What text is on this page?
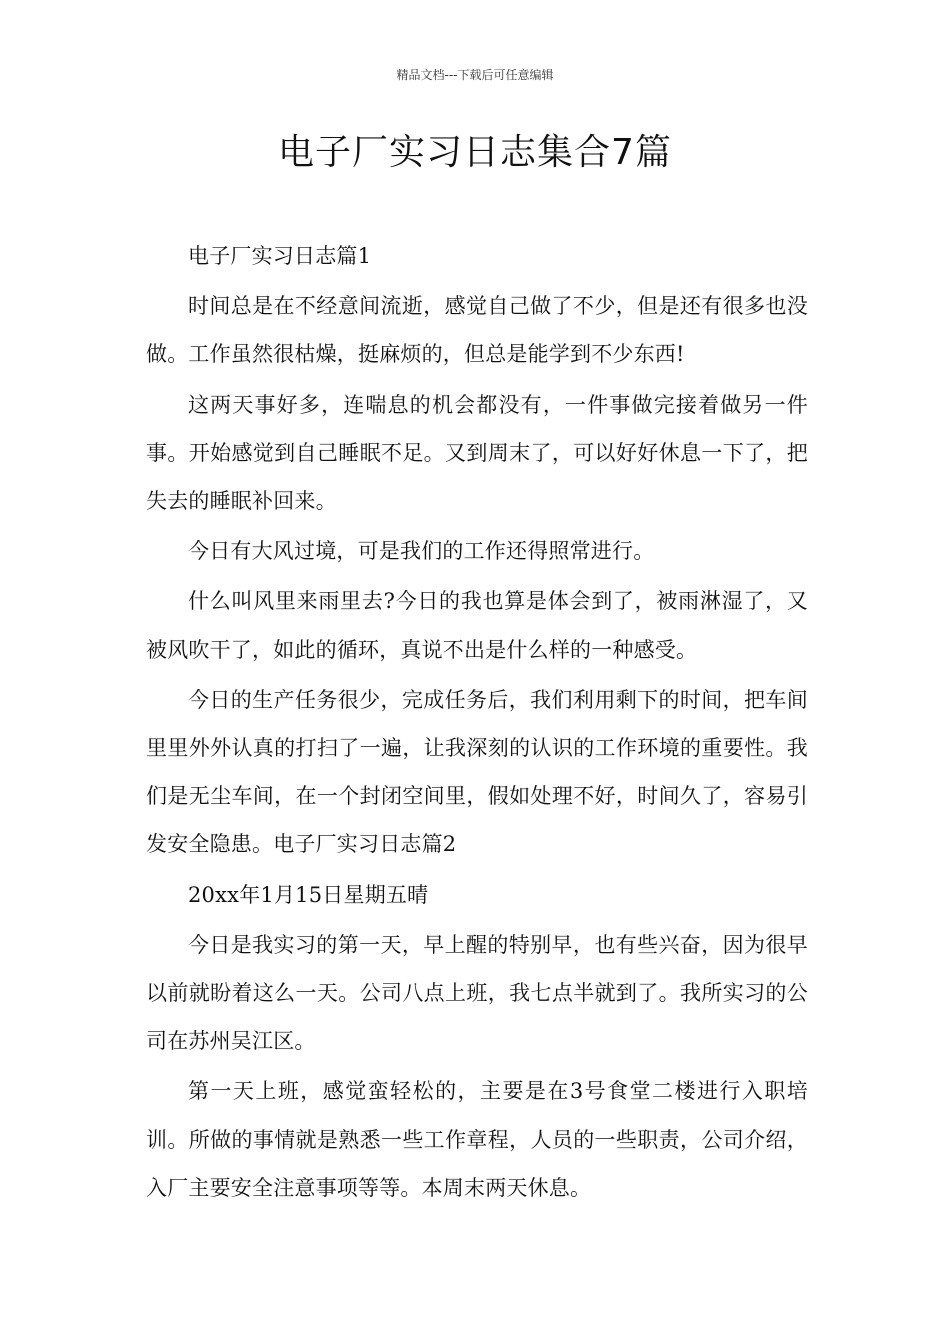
精品文档---下载后可任意编辑
电子厂实习日志集合7篇

电子厂实习日志篇1

时间总是在不经意间流逝，感觉自己做了不少，但是还有很多也没做。工作虽然很枯燥，挺麻烦的，但总是能学到不少东西!

这两天事好多，连喘息的机会都没有，一件事做完接着做另一件事。开始感觉到自己睡眠不足。又到周末了，可以好好休息一下了，把失去的睡眠补回来。

今日有大风过境，可是我们的工作还得照常进行。

什么叫风里来雨里去?今日的我也算是体会到了，被雨淋湿了，又被风吹干了，如此的循环，真说不出是什么样的一种感受。

今日的生产任务很少，完成任务后，我们利用剩下的时间，把车间里里外外认真的打扫了一遍，让我深刻的认识的工作环境的重要性。我们是无尘车间，在一个封闭空间里，假如处理不好，时间久了，容易引发安全隐患。电子厂实习日志篇2

20xx年1月15日星期五晴

今日是我实习的第一天，早上醒的特别早，也有些兴奋，因为很早以前就盼着这么一天。公司八点上班，我七点半就到了。我所实习的公司在苏州吴江区。

第一天上班，感觉蛮轻松的，主要是在3号食堂二楼进行入职培训。所做的事情就是熟悉一些工作章程，人员的一些职责，公司介绍，入厂主要安全注意事项等等。本周末两天休息。
